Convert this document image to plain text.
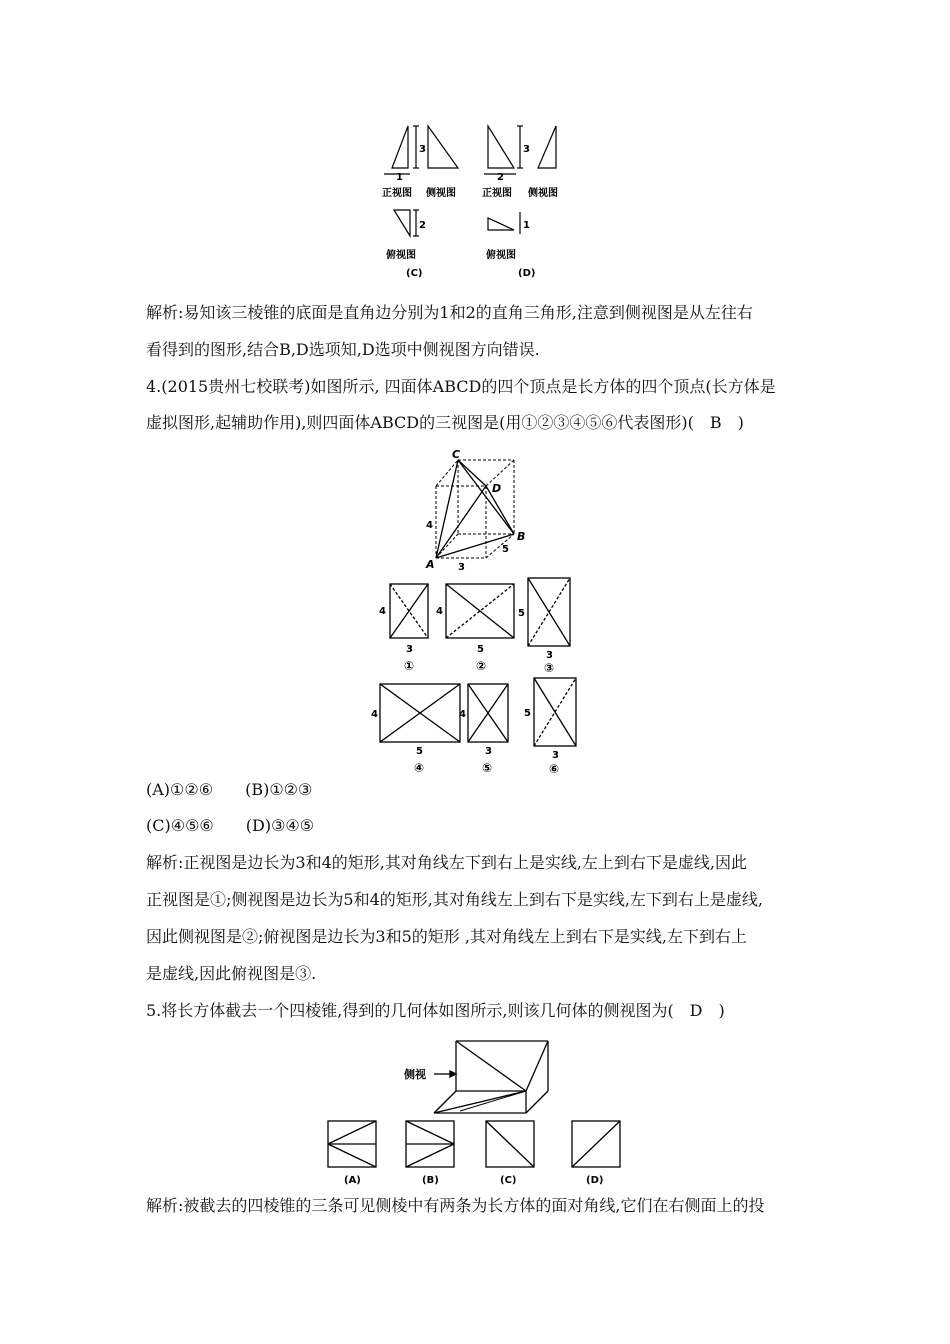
3
1
正视图 侧视图
2
俯视图
(C)
3
2
正视图 侧视图
1
俯视图
(D)
解析:易知该三棱锥的底面是直角边分别为1和2的直角三角形,注意到侧视图是从左往右
看得到的图形,结合B,D选项知,D选项中侧视图方向错误.
4.(2015贵州七校联考)如图所示, 四面体ABCD的四个顶点是长方体的四个顶点(长方体是
虚拟图形,起辅助作用),则四面体ABCD的三视图是(用①②③④⑤⑥代表图形)(　B　)
C
D
A
B
4
3
5
4
3
①
4
5
②
5
3
③
4
5
④
4
3
⑤
5
3
⑥
(A)①②⑥　　(B)①②③
(C)④⑤⑥　　(D)③④⑤
解析:正视图是边长为3和4的矩形,其对角线左下到右上是实线,左上到右下是虚线,因此
正视图是①;侧视图是边长为5和4的矩形,其对角线左上到右下是实线,左下到右上是虚线,
因此侧视图是②;俯视图是边长为3和5的矩形 ,其对角线左上到右下是实线,左下到右上
是虚线,因此俯视图是③.
5.将长方体截去一个四棱锥,得到的几何体如图所示,则该几何体的侧视图为(　D　)
侧视
(A)	(B)	(C)	(D)
解析:被截去的四棱锥的三条可见侧棱中有两条为长方体的面对角线,它们在右侧面上的投
